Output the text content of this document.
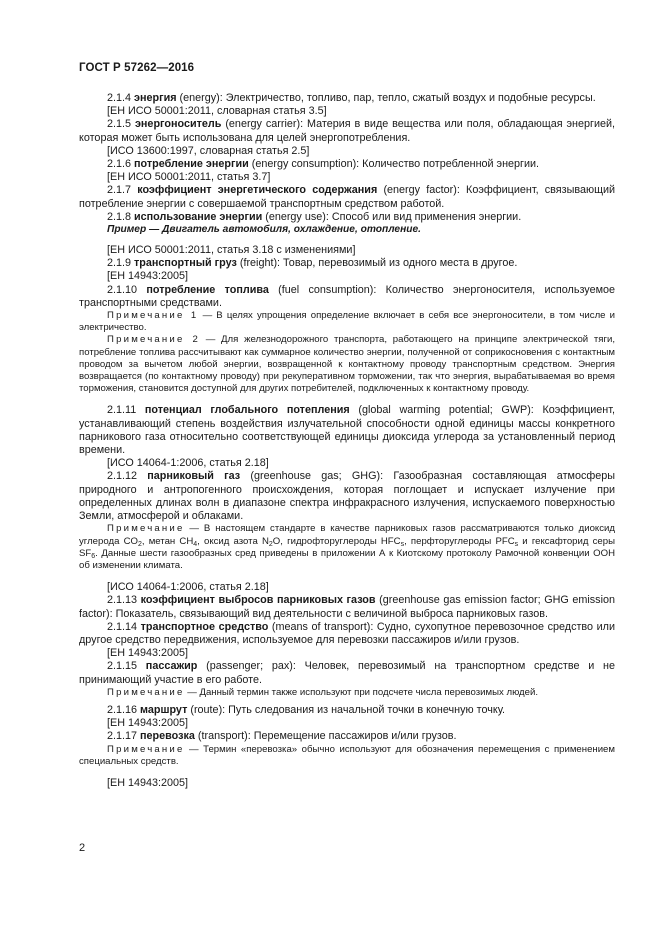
ГОСТ Р 57262—2016

2.1.4 энергия (energy): Электричество, топливо, пар, тепло, сжатый воздух и подобные ресурсы.

[ЕН ИСО 50001:2011, словарная статья 3.5]

2.1.5 энергоноситель (energy carrier): Материя в виде вещества или поля, обладающая энергией, которая может быть использована для целей энергопотребления.

[ИСО 13600:1997, словарная статья 2.5]

2.1.6 потребление энергии (energy consumption): Количество потребленной энергии.

[ЕН ИСО 50001:2011, статья 3.7]

2.1.7 коэффициент энергетического содержания (energy factor): Коэффициент, связывающий потребление энергии с совершаемой транспортным средством работой.

2.1.8 использование энергии (energy use): Способ или вид применения энергии.

Пример — Двигатель автомобиля, охлаждение, отопление.

[ЕН ИСО 50001:2011, статья 3.18 с изменениями]

2.1.9 транспортный груз (freight): Товар, перевозимый из одного места в другое.

[ЕН 14943:2005]

2.1.10 потребление топлива (fuel consumption): Количество энергоносителя, используемое транспортными средствами.

Примечание 1 — В целях упрощения определение включает в себя все энергоносители, в том числе и электричество.

Примечание 2 — Для железнодорожного транспорта, работающего на принципе электрической тяги, потребление топлива рассчитывают как суммарное количество энергии, полученной от соприкосновения с контактным проводом за вычетом любой энергии, возвращенной к контактному проводу транспортным средством. Энергия возвращается (по контактному проводу) при рекуперативном торможении, так что энергия, вырабатываемая во время торможения, становится доступной для других потребителей, подключенных к контактному проводу.

2.1.11 потенциал глобального потепления (global warming potential; GWP): Коэффициент, устанавливающий степень воздействия излучательной способности одной единицы массы конкретного парникового газа относительно соответствующей единицы диоксида углерода за установленный период времени.

[ИСО 14064-1:2006, статья 2.18]

2.1.12 парниковый газ (greenhouse gas; GHG): Газообразная составляющая атмосферы природного и антропогенного происхождения, которая поглощает и испускает излучение при определенных длинах волн в диапазоне спектра инфракрасного излучения, испускаемого поверхностью Земли, атмосферой и облаками.

Примечание — В настоящем стандарте в качестве парниковых газов рассматриваются только диоксид углерода $CO_2$, метан $CH_4$, оксид азота $N_2O$, гидрофторуглероды $HFC_s$, перфторуглероды $PFC_s$ и гексафторид серы $SF_6$. Данные шести газообразных сред приведены в приложении А к Киотскому протоколу Рамочной конвенции ООН об изменении климата.

[ИСО 14064-1:2006, статья 2.18]

2.1.13 коэффициент выбросов парниковых газов (greenhouse gas emission factor; GHG emission factor): Показатель, связывающий вид деятельности с величиной выброса парниковых газов.

2.1.14 транспортное средство (means of transport): Судно, сухопутное перевозочное средство или другое средство передвижения, используемое для перевозки пассажиров и/или грузов.

[ЕН 14943:2005]

2.1.15 пассажир (passenger; pax): Человек, перевозимый на транспортном средстве и не принимающий участие в его работе.

Примечание — Данный термин также используют при подсчете числа перевозимых людей.

2.1.16 маршрут (route): Путь следования из начальной точки в конечную точку.

[ЕН 14943:2005]

2.1.17 перевозка (transport): Перемещение пассажиров и/или грузов.

Примечание — Термин «перевозка» обычно используют для обозначения перемещения с применением специальных средств.

[ЕН 14943:2005]

2
